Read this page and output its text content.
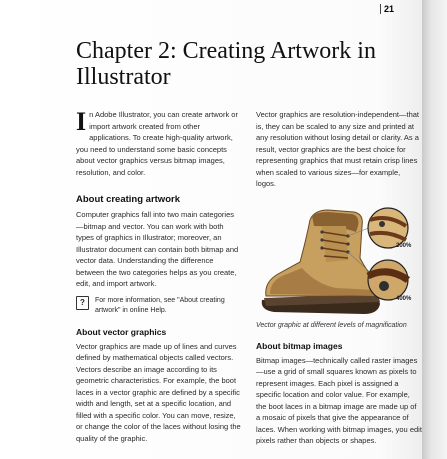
21
Chapter 2: Creating Artwork in Illustrator
I n Adobe Illustrator, you can create artwork or import artwork created from other applications. To create high-quality artwork, you need to understand some basic concepts about vector graphics versus bitmap images, resolution, and color.

About creating artwork

Computer graphics fall into two main categories—bitmap and vector. You can work with both types of graphics in Illustrator; moreover, an Illustrator document can contain both bitmap and vector data. Understanding the difference between the two categories helps as you create, edit, and import artwork.

?	For more information, see "About creating artwork" in online Help.

About vector graphics

Vector graphics are made up of lines and curves defined by mathematical objects called vectors. Vectors describe an image according to its geometric characteristics. For example, the boot laces in a vector graphic are defined by a specific width and length, set at a specific location, and filled with a specific color. You can move, resize, or change the color of the laces without losing the quality of the graphic.

Vector graphics are resolution-independent—that is, they can be scaled to any size and printed at any resolution without losing detail or clarity. As a result, vector graphics are the best choice for representing graphics that must retain crisp lines when scaled to various sizes—for example, logos.

200%
400%

Vector graphic at different levels of magnification

About bitmap images

Bitmap images—technically called raster images—use a grid of small squares known as pixels to represent images. Each pixel is assigned a specific location and color value. For example, the boot laces in a bitmap image are made up of a mosaic of pixels that give the appearance of laces. When working with bitmap images, you edit pixels rather than objects or shapes.
